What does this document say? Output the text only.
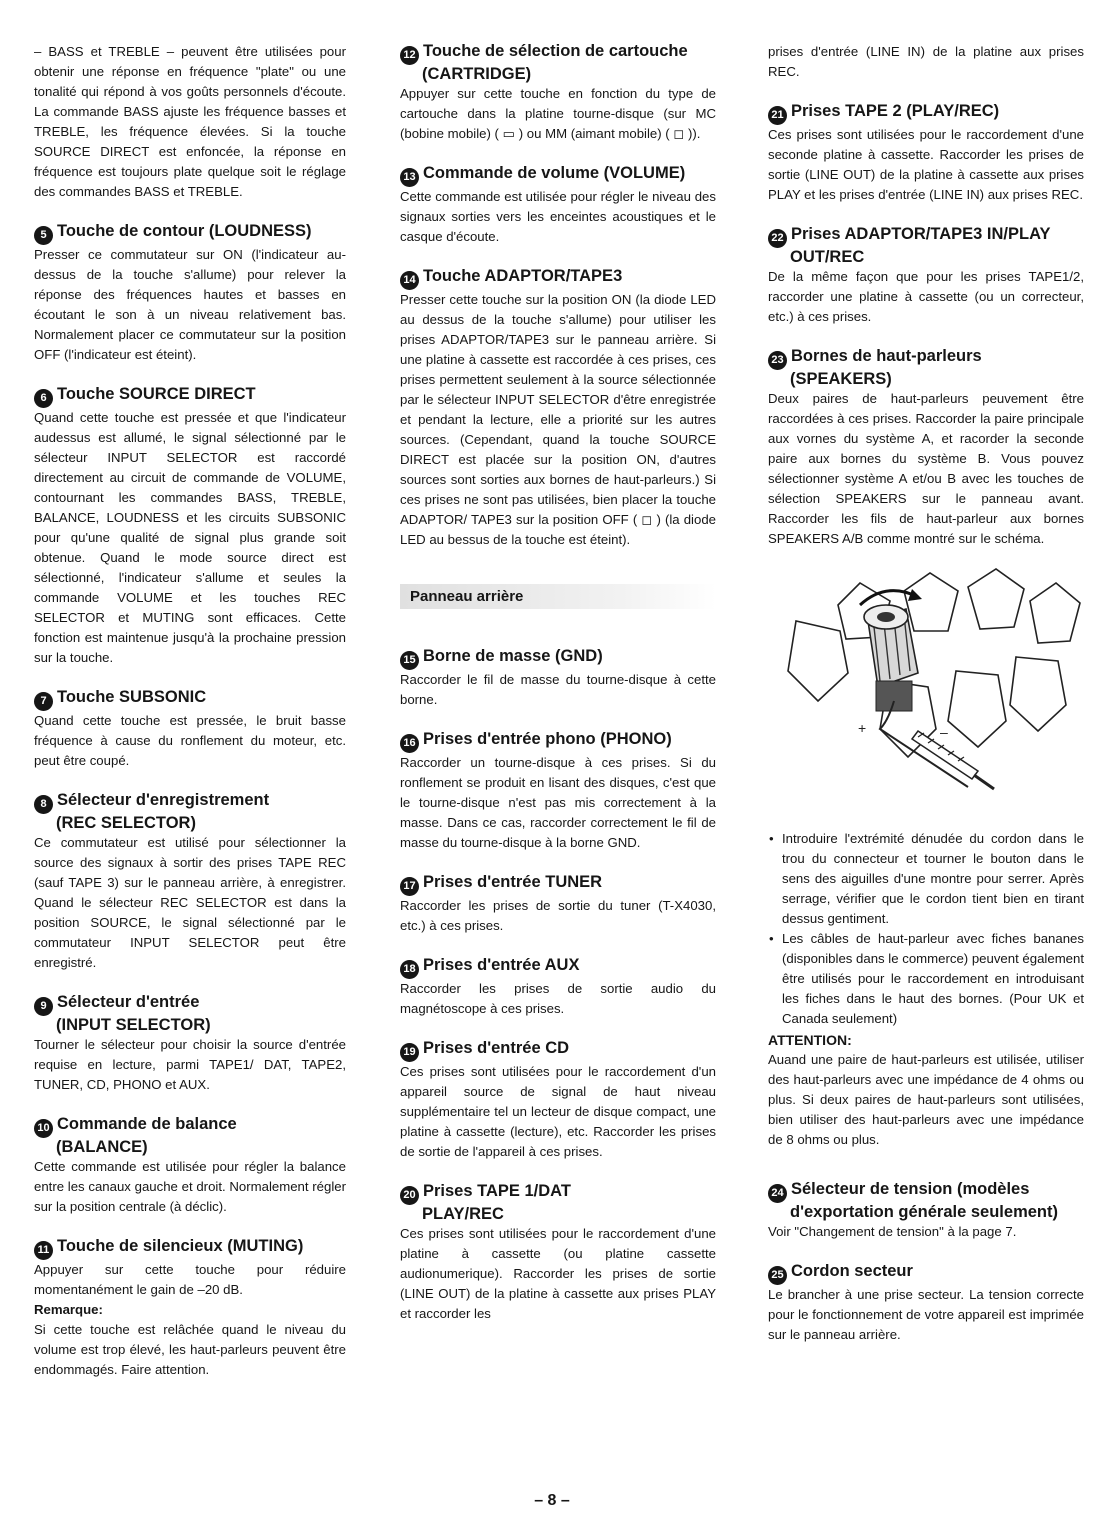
– BASS et TREBLE – peuvent être utilisées pour obtenir une réponse en fréquence "plate" ou une tonalité qui répond à vos goûts personnels d'écoute. La commande BASS ajuste les fréquence basses et TREBLE, les fréquence élevées. Si la touche SOURCE DIRECT est enfoncée, la réponse en fréquence est toujours plate quelque soit le réglage des commandes BASS et TREBLE.

5 Touche de contour (LOUDNESS)

Presser ce commutateur sur ON (l'indicateur au-dessus de la touche s'allume) pour relever la réponse des fréquences hautes et basses en écoutant le son à un niveau relativement bas. Normalement placer ce commutateur sur la position OFF (l'indicateur est éteint).

6 Touche SOURCE DIRECT

Quand cette touche est pressée et que l'indicateur audessus est allumé, le signal sélectionné par le sélecteur INPUT SELECTOR est raccordé directement au circuit de commande de VOLUME, contournant les commandes BASS, TREBLE, BALANCE, LOUDNESS et les circuits SUBSONIC pour qu'une qualité de signal plus grande soit obtenue. Quand le mode source direct est sélectionné, l'indicateur s'allume et seules la commande VOLUME et les touches REC SELECTOR et MUTING sont efficaces. Cette fonction est maintenue jusqu'à la prochaine pression sur la touche.

7 Touche SUBSONIC

Quand cette touche est pressée, le bruit basse fréquence à cause du ronflement du moteur, etc. peut être coupé.

8 Sélecteur d'enregistrement
(REC SELECTOR)

Ce commutateur est utilisé pour sélectionner la source des signaux à sortir des prises TAPE REC (sauf TAPE 3) sur le panneau arrière, à enregistrer. Quand le sélecteur REC SELECTOR est dans la position SOURCE, le signal sélectionné par le commutateur INPUT SELECTOR peut être enregistré.

9 Sélecteur d'entrée
(INPUT SELECTOR)

Tourner le sélecteur pour choisir la source d'entrée requise en lecture, parmi TAPE1/ DAT, TAPE2, TUNER, CD, PHONO et AUX.

10 Commande de balance
(BALANCE)

Cette commande est utilisée pour régler la balance entre les canaux gauche et droit. Normalement régler sur la position centrale (à déclic).

11 Touche de silencieux (MUTING)

Appuyer sur cette touche pour réduire momentanément le gain de –20 dB.

Remarque:

Si cette touche est relâchée quand le niveau du volume est trop élevé, les haut-parleurs peuvent être endommagés. Faire attention.

12 Touche de sélection de cartouche
(CARTRIDGE)

Appuyer sur cette touche en fonction du type de cartouche dans la platine tourne-disque (sur MC (bobine mobile) ( ▭ ) ou MM (aimant mobile) ( ◻ )).

13 Commande de volume (VOLUME)

Cette commande est utilisée pour régler le niveau des signaux sorties vers les enceintes acoustiques et le casque d'écoute.

14 Touche ADAPTOR/TAPE3

Presser cette touche sur la position ON (la diode LED au dessus de la touche s'allume) pour utiliser les prises ADAPTOR/TAPE3 sur le panneau arrière. Si une platine à cassette est raccordée à ces prises, ces prises permettent seulement à la source sélectionnée par le sélecteur INPUT SELECTOR d'être enregistrée et pendant la lecture, elle a priorité sur les autres sources. (Cependant, quand la touche SOURCE DIRECT est placée sur la position ON, d'autres sources sont sorties aux bornes de haut-parleurs.) Si ces prises ne sont pas utilisées, bien placer la touche ADAPTOR/ TAPE3 sur la position OFF ( ◻ ) (la diode LED au bessus de la touche est éteint).

Panneau arrière
15 Borne de masse (GND)

Raccorder le fil de masse du tourne-disque à cette borne.

16 Prises d'entrée phono (PHONO)

Raccorder un tourne-disque à ces prises. Si du ronflement se produit en lisant des disques, c'est que le tourne-disque n'est pas mis correctement à la masse. Dans ce cas, raccorder correctement le fil de masse du tourne-disque à la borne GND.

17 Prises d'entrée TUNER

Raccorder les prises de sortie du tuner (T-X4030, etc.) à ces prises.

18 Prises d'entrée AUX

Raccorder les prises de sortie audio du magnétoscope à ces prises.

19 Prises d'entrée CD

Ces prises sont utilisées pour le raccordement d'un appareil source de signal de haut niveau supplémentaire tel un lecteur de disque compact, une platine à cassette (lecture), etc. Raccorder les prises de sortie de l'appareil à ces prises.

20 Prises TAPE 1/DAT
PLAY/REC

Ces prises sont utilisées pour le raccordement d'une platine à cassette (ou platine cassette audionumerique). Raccorder les prises de sortie (LINE OUT) de la platine à cassette aux prises PLAY et raccorder les

prises d'entrée (LINE IN) de la platine aux prises REC.

21 Prises TAPE 2 (PLAY/REC)

Ces prises sont utilisées pour le raccordement d'une seconde platine à cassette. Raccorder les prises de sortie (LINE OUT) de la platine à cassette aux prises PLAY et les prises d'entrée (LINE IN) aux prises REC.

22 Prises ADAPTOR/TAPE3 IN/PLAY
OUT/REC

De la même façon que pour les prises TAPE1/2, raccorder une platine à cassette (ou un correcteur, etc.) à ces prises.

23 Bornes de haut-parleurs
(SPEAKERS)

Deux paires de haut-parleurs peuvement être raccordées à ces prises. Raccorder la paire principale aux vornes du système A, et racorder la seconde paire aux bornes du système B. Vous pouvez sélectionner système A et/ou B avec les touches de sélection SPEAKERS sur le panneau avant. Raccorder les fils de haut-parleur aux bornes SPEAKERS A/B comme montré sur le schéma.

+	–
• Introduire l'extrémité dénudée du cordon dans le trou du connecteur et tourner le bouton dans le sens des aiguilles d'une montre pour serrer. Après serrage, vérifier que le cordon tient bien en tirant dessus gentiment.
• Les câbles de haut-parleur avec fiches bananes (disponibles dans le commerce) peuvent également être utilisés pour le raccordement en introduisant les fiches dans le haut des bornes. (Pour UK et Canada seulement)
ATTENTION:

Auand une paire de haut-parleurs est utilisée, utiliser des haut-parleurs avec une impédance de 4 ohms ou plus. Si deux paires de haut-parleurs sont utilisées, bien utiliser des haut-parleurs avec une impédance de 8 ohms ou plus.

24 Sélecteur de tension (modèles
d'exportation générale seulement)

Voir "Changement de tension" à la page 7.

25 Cordon secteur

Le brancher à une prise secteur. La tension correcte pour le fonctionnement de votre appareil est imprimée sur le panneau arrière.

– 8 –
